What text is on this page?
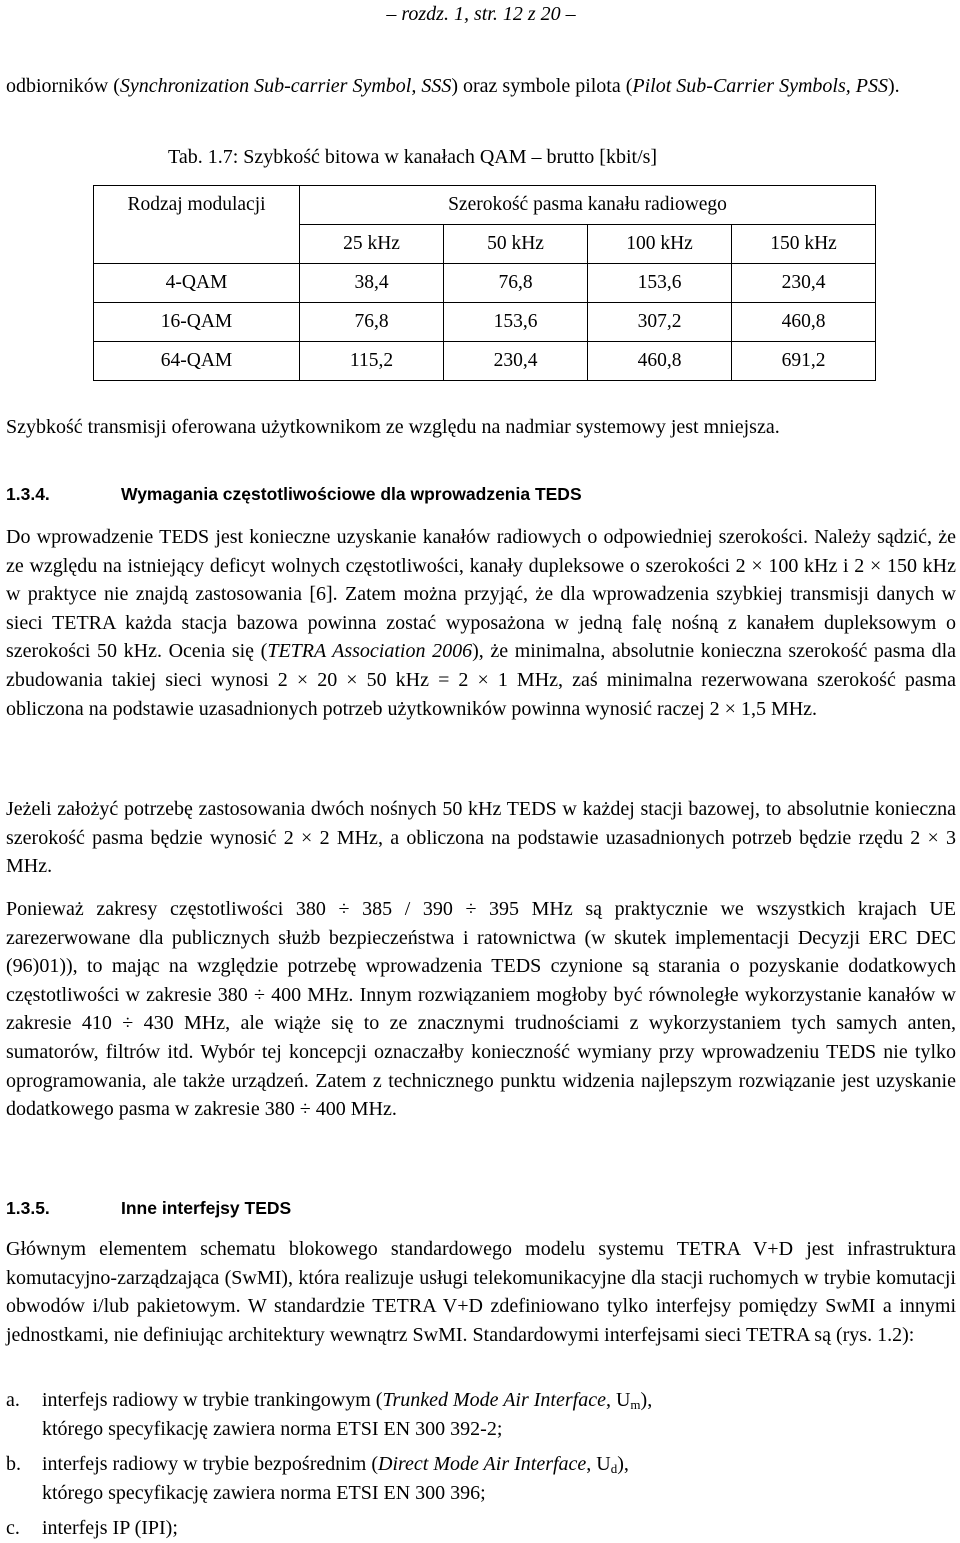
– rozdz. 1, str. 12 z 20 –

odbiorników (Synchronization Sub-carrier Symbol, SSS) oraz symbole pilota (Pilot Sub-Carrier Symbols, PSS).

Tab. 1.7: Szybkość bitowa w kanałach QAM – brutto [kbit/s]
Rodzaj modulacji	Szerokość pasma kanału radiowego			
	25 kHz	50 kHz	100 kHz	150 kHz
4-QAM	38,4	76,8	153,6	230,4
16-QAM	76,8	153,6	307,2	460,8
64-QAM	115,2	230,4	460,8	691,2

Szybkość transmisji oferowana użytkownikom ze względu na nadmiar systemowy jest mniejsza.

1.3.4.	Wymagania częstotliwościowe dla wprowadzenia TEDS

Do wprowadzenie TEDS jest konieczne uzyskanie kanałów radiowych o odpowiedniej szerokości. Należy sądzić, że ze względu na istniejący deficyt wolnych częstotliwości, kanały dupleksowe o szerokości 2 × 100 kHz i 2 × 150 kHz w praktyce nie znajdą zastosowania [6]. Zatem można przyjąć, że dla wprowadzenia szybkiej transmisji danych w sieci TETRA każda stacja bazowa powinna zostać wyposażona w jedną falę nośną z kanałem dupleksowym o szerokości 50 kHz. Ocenia się (TETRA Association 2006), że minimalna, absolutnie konieczna szerokość pasma dla zbudowania takiej sieci wynosi 2 × 20 × 50 kHz = 2 × 1 MHz, zaś minimalna rezerwowana szerokość pasma obliczona na podstawie uzasadnionych potrzeb użytkowników powinna wynosić raczej 2 × 1,5 MHz.

Jeżeli założyć potrzebę zastosowania dwóch nośnych 50 kHz TEDS w każdej stacji bazowej, to absolutnie konieczna szerokość pasma będzie wynosić 2 × 2 MHz, a obliczona na podstawie uzasadnionych potrzeb będzie rzędu 2 × 3 MHz.

Ponieważ zakresy częstotliwości 380 ÷ 385 / 390 ÷ 395 MHz są praktycznie we wszystkich krajach UE zarezerwowane dla publicznych służb bezpieczeństwa i ratownictwa (w skutek implementacji Decyzji ERC DEC (96)01)), to mając na względzie potrzebę wprowadzenia TEDS czynione są starania o pozyskanie dodatkowych częstotliwości w zakresie 380 ÷ 400 MHz. Innym rozwiązaniem mogłoby być równoległe wykorzystanie kanałów w zakresie 410 ÷ 430 MHz, ale wiąże się to ze znacznymi trudnościami z wykorzystaniem tych samych anten, sumatorów, filtrów itd. Wybór tej koncepcji oznaczałby konieczność wymiany przy wprowadzeniu TEDS nie tylko oprogramowania, ale także urządzeń. Zatem z technicznego punktu widzenia najlepszym rozwiązanie jest uzyskanie dodatkowego pasma w zakresie 380 ÷ 400 MHz.

1.3.5.	Inne interfejsy TEDS

Głównym elementem schematu blokowego standardowego modelu systemu TETRA V+D jest infrastruktura komutacyjno-zarządzająca (SwMI), która realizuje usługi telekomunikacyjne dla stacji ruchomych w trybie komutacji obwodów i/lub pakietowym. W standardzie TETRA V+D zdefiniowano tylko interfejsy pomiędzy SwMI a innymi jednostkami, nie definiując architektury wewnątrz SwMI. Standardowymi interfejsami sieci TETRA są (rys. 1.2):

a. interfejs radiowy w trybie trankingowym (Trunked Mode Air Interface, $U_m$),
którego specyfikację zawiera norma ETSI EN 300 392-2;
b. interfejs radiowy w trybie bezpośrednim (Direct Mode Air Interface, $U_d$),
którego specyfikację zawiera norma ETSI EN 300 396;
c. interfejs IP (IPI);
